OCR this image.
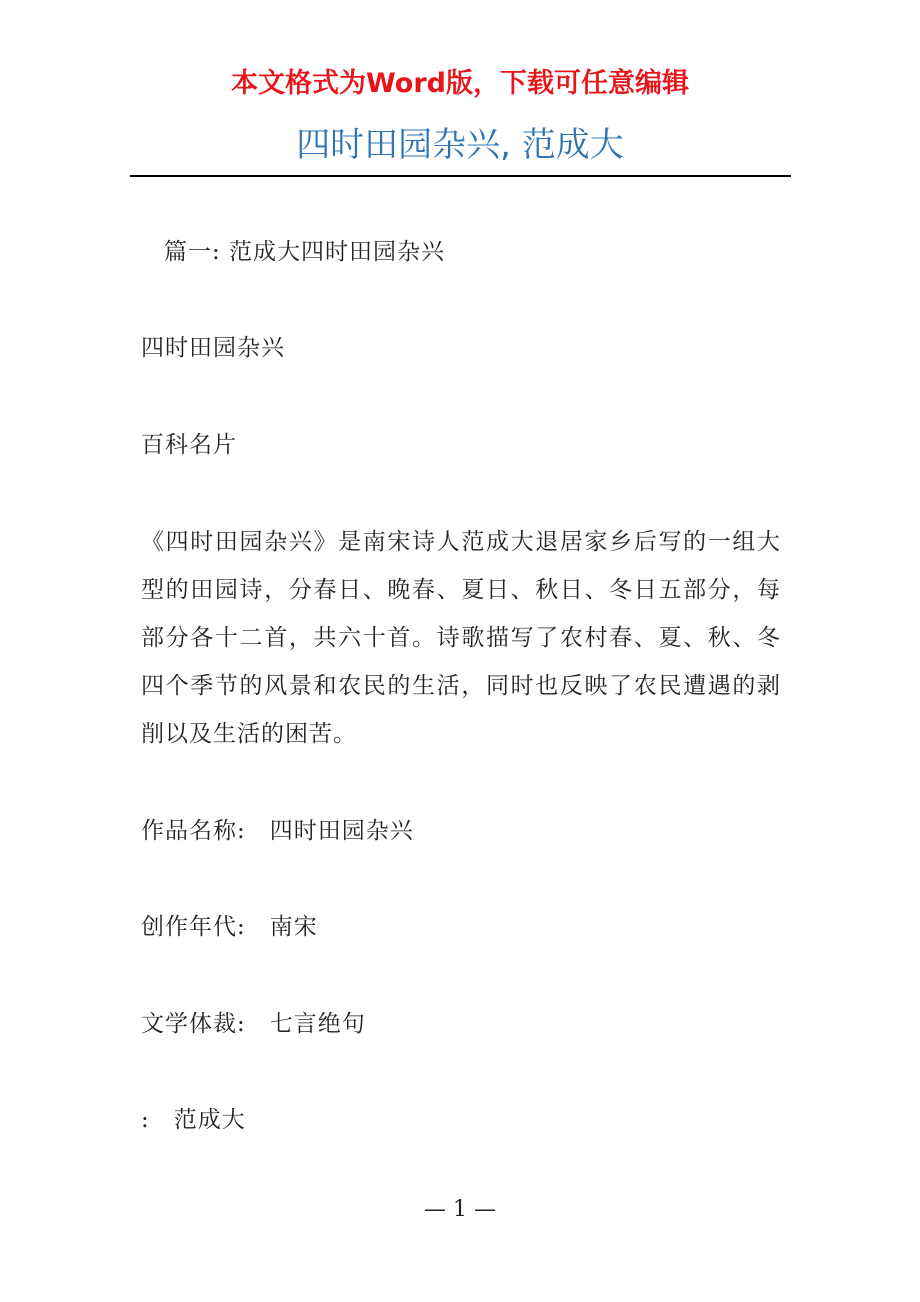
本文格式为Word版，下载可任意编辑
四时田园杂兴, 范成大

篇一: 范成大四时田园杂兴

四时田园杂兴

百科名片

《四时田园杂兴》是南宋诗人范成大退居家乡后写的一组大型的田园诗，分春日、晚春、夏日、秋日、冬日五部分，每部分各十二首，共六十首。诗歌描写了农村春、夏、秋、冬四个季节的风景和农民的生活，同时也反映了农民遭遇的剥削以及生活的困苦。

作品名称: 四时田园杂兴

创作年代: 南宋

文学体裁: 七言绝句

: 范成大

— 1 —
